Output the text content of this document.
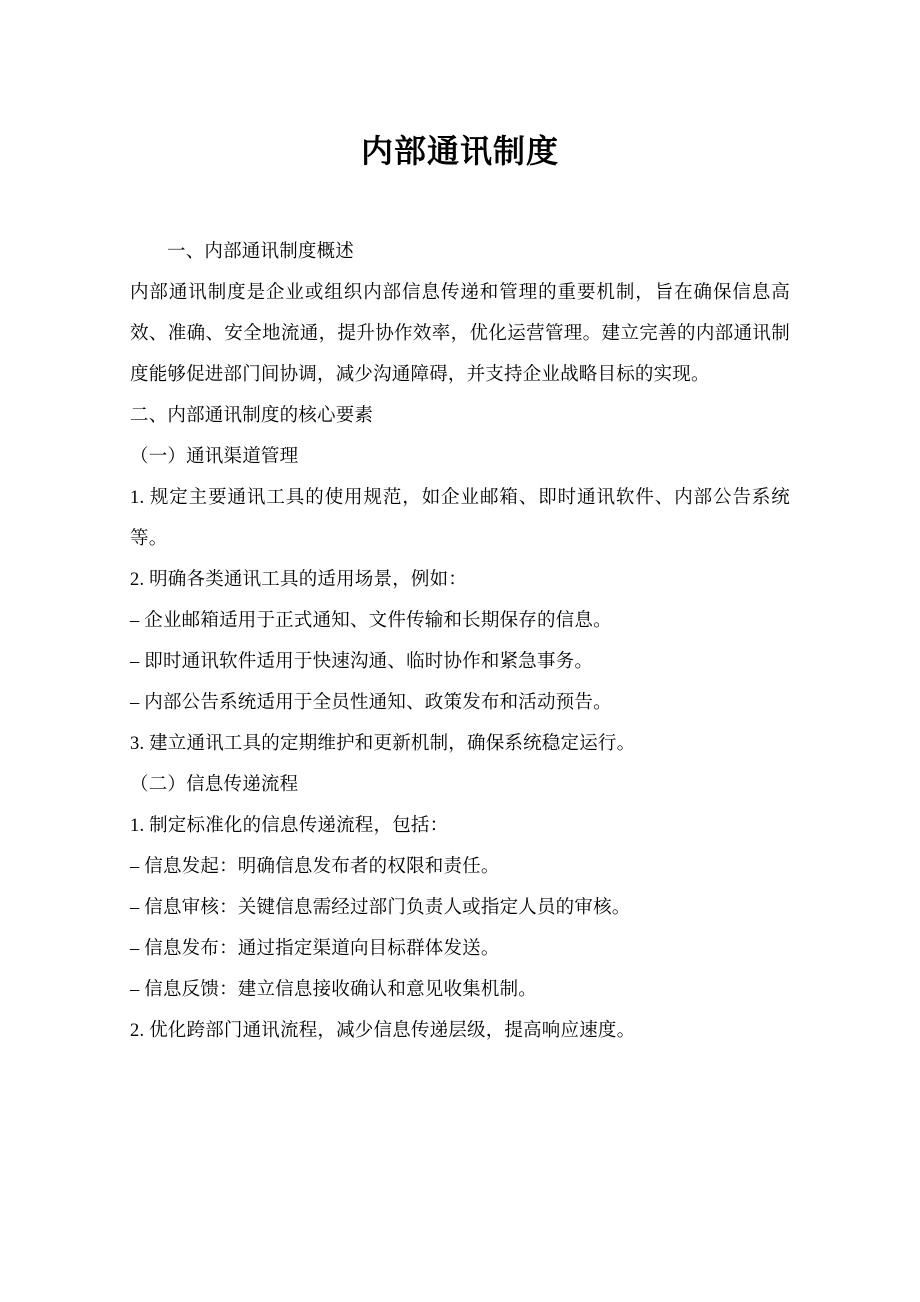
内部通讯制度

一、内部通讯制度概述

内部通讯制度是企业或组织内部信息传递和管理的重要机制，旨在确保信息高效、准确、安全地流通，提升协作效率，优化运营管理。建立完善的内部通讯制度能够促进部门间协调，减少沟通障碍，并支持企业战略目标的实现。

二、内部通讯制度的核心要素

（一）通讯渠道管理

1. 规定主要通讯工具的使用规范，如企业邮箱、即时通讯软件、内部公告系统等。

2. 明确各类通讯工具的适用场景，例如：

– 企业邮箱适用于正式通知、文件传输和长期保存的信息。

– 即时通讯软件适用于快速沟通、临时协作和紧急事务。

– 内部公告系统适用于全员性通知、政策发布和活动预告。

3. 建立通讯工具的定期维护和更新机制，确保系统稳定运行。

（二）信息传递流程

1. 制定标准化的信息传递流程，包括：

– 信息发起：明确信息发布者的权限和责任。

– 信息审核：关键信息需经过部门负责人或指定人员的审核。

– 信息发布：通过指定渠道向目标群体发送。

– 信息反馈：建立信息接收确认和意见收集机制。

2. 优化跨部门通讯流程，减少信息传递层级，提高响应速度。
